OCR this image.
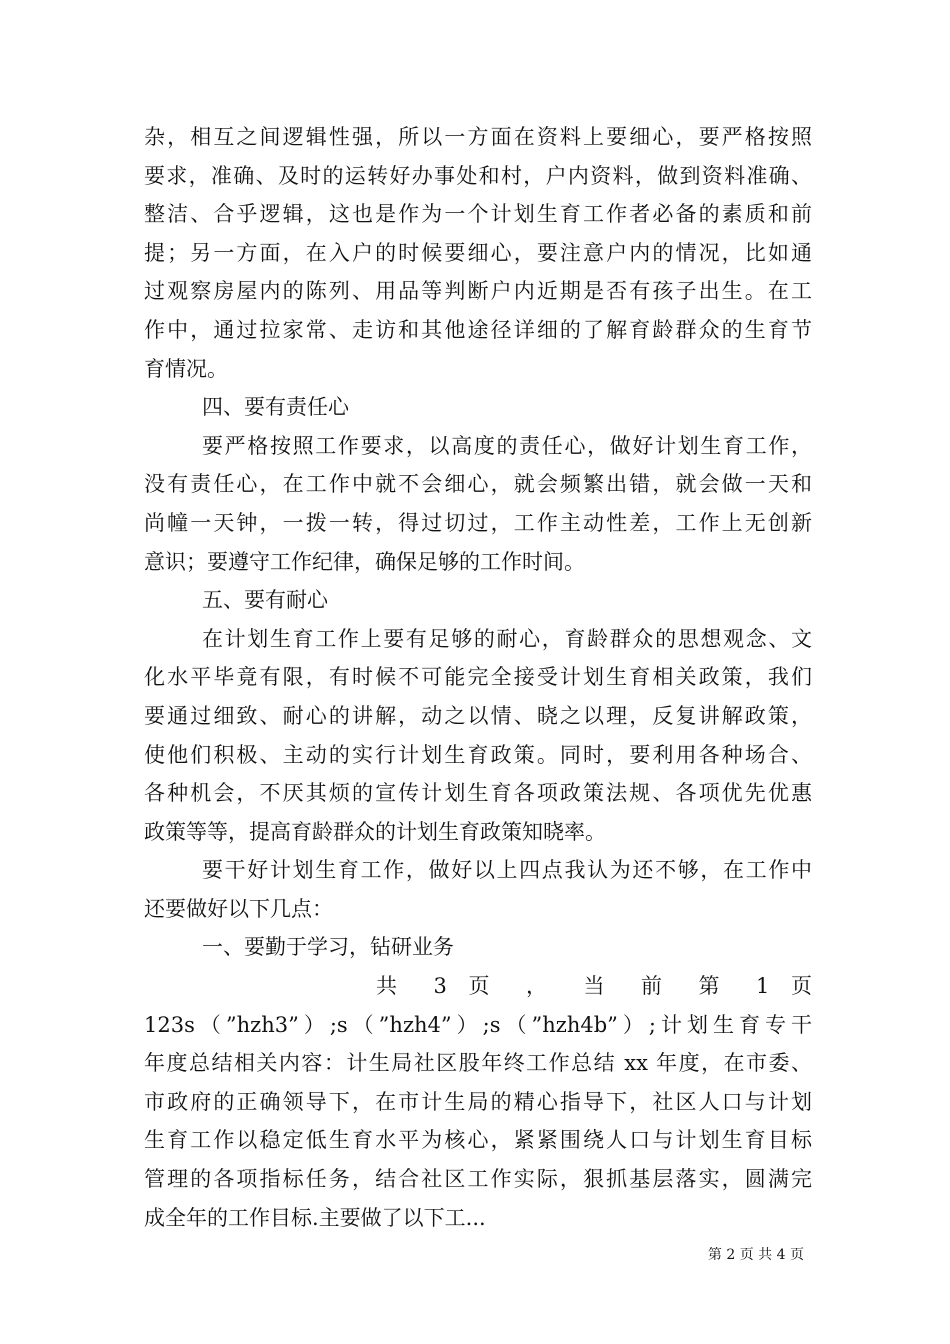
杂，相互之间逻辑性强，所以一方面在资料上要细心，要严格按照
要求，准确、及时的运转好办事处和村，户内资料，做到资料准确、
整洁、合乎逻辑，这也是作为一个计划生育工作者必备的素质和前
提；另一方面，在入户的时候要细心，要注意户内的情况，比如通
过观察房屋内的陈列、用品等判断户内近期是否有孩子出生。在工
作中，通过拉家常、走访和其他途径详细的了解育龄群众的生育节
育情况。
四、要有责任心
要严格按照工作要求，以高度的责任心，做好计划生育工作，
没有责任心，在工作中就不会细心，就会频繁出错，就会做一天和
尚幢一天钟，一拨一转，得过切过，工作主动性差，工作上无创新
意识；要遵守工作纪律，确保足够的工作时间。
五、要有耐心
在计划生育工作上要有足够的耐心，育龄群众的思想观念、文
化水平毕竟有限，有时候不可能完全接受计划生育相关政策，我们
要通过细致、耐心的讲解，动之以情、晓之以理，反复讲解政策，
使他们积极、主动的实行计划生育政策。同时，要利用各种场合、
各种机会，不厌其烦的宣传计划生育各项政策法规、各项优先优惠
政策等等，提高育龄群众的计划生育政策知晓率。
要干好计划生育工作，做好以上四点我认为还不够，在工作中
还要做好以下几点：
一、要勤于学习，钻研业务
共 3 页 ， 当 前 第 1 页
123s（”hzh3”）;s（”hzh4”）;s（”hzh4b”）;计划生育专干
年度总结相关内容：计生局社区股年终工作总结 xx 年度，在市委、
市政府的正确领导下，在市计生局的精心指导下，社区人口与计划
生育工作以稳定低生育水平为核心，紧紧围绕人口与计划生育目标
管理的各项指标任务，结合社区工作实际，狠抓基层落实，圆满完
成全年的工作目标.主要做了以下工...
第 2 页 共 4 页
